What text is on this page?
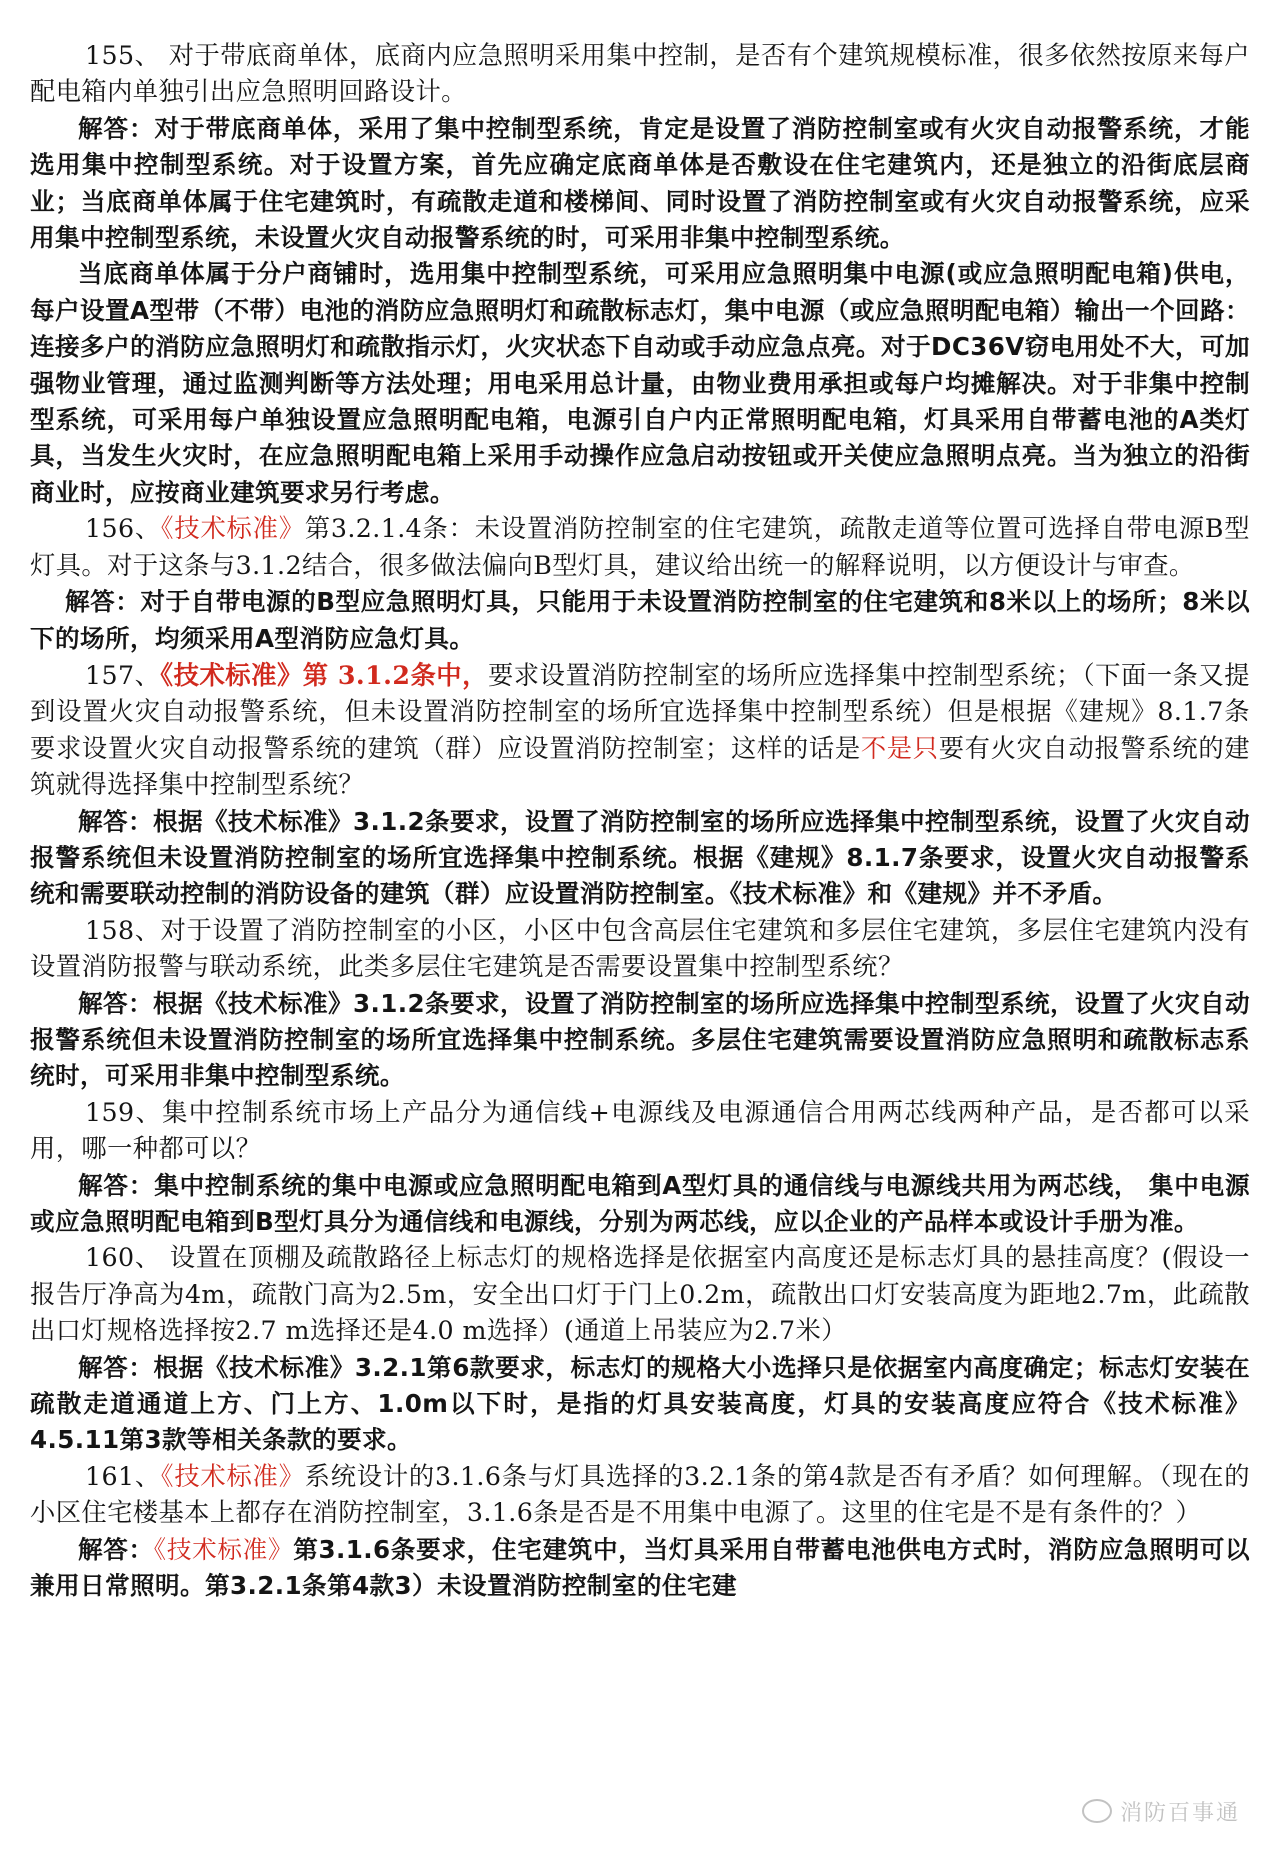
155、 对于带底商单体，底商内应急照明采用集中控制，是否有个建筑规模标准，很多依然按原来每户配电箱内单独引出应急照明回路设计。

解答：对于带底商单体，采用了集中控制型系统，肯定是设置了消防控制室或有火灾自动报警系统，才能选用集中控制型系统。对于设置方案，首先应确定底商单体是否敷设在住宅建筑内，还是独立的沿街底层商业；当底商单体属于住宅建筑时，有疏散走道和楼梯间、同时设置了消防控制室或有火灾自动报警系统，应采用集中控制型系统，未设置火灾自动报警系统的时，可采用非集中控制型系统。

当底商单体属于分户商铺时，选用集中控制型系统，可采用应急照明集中电源(或应急照明配电箱)供电，每户设置A型带（不带）电池的消防应急照明灯和疏散标志灯，集中电源（或应急照明配电箱）输出一个回路：连接多户的消防应急照明灯和疏散指示灯，火灾状态下自动或手动应急点亮。对于DC36V窃电用处不大，可加强物业管理，通过监测判断等方法处理；用电采用总计量，由物业费用承担或每户均摊解决。对于非集中控制型系统，可采用每户单独设置应急照明配电箱，电源引自户内正常照明配电箱，灯具采用自带蓄电池的A类灯具，当发生火灾时，在应急照明配电箱上采用手动操作应急启动按钮或开关使应急照明点亮。当为独立的沿街商业时，应按商业建筑要求另行考虑。

156、《技术标准》第3.2.1.4条：未设置消防控制室的住宅建筑，疏散走道等位置可选择自带电源B型灯具。对于这条与3.1.2结合，很多做法偏向B型灯具，建议给出统一的解释说明，以方便设计与审查。

解答：对于自带电源的B型应急照明灯具，只能用于未设置消防控制室的住宅建筑和8米以上的场所；8米以下的场所，均须采用A型消防应急灯具。

157、《技术标准》第 3.1.2条中，要求设置消防控制室的场所应选择集中控制型系统；（下面一条又提到设置火灾自动报警系统，但未设置消防控制室的场所宜选择集中控制型系统）但是根据《建规》8.1.7条要求设置火灾自动报警系统的建筑（群）应设置消防控制室；这样的话是不是只要有火灾自动报警系统的建筑就得选择集中控制型系统？

解答：根据《技术标准》3.1.2条要求，设置了消防控制室的场所应选择集中控制型系统，设置了火灾自动报警系统但未设置消防控制室的场所宜选择集中控制系统。根据《建规》8.1.7条要求，设置火灾自动报警系统和需要联动控制的消防设备的建筑（群）应设置消防控制室。《技术标准》和《建规》并不矛盾。

158、对于设置了消防控制室的小区，小区中包含高层住宅建筑和多层住宅建筑，多层住宅建筑内没有设置消防报警与联动系统，此类多层住宅建筑是否需要设置集中控制型系统？

解答：根据《技术标准》3.1.2条要求，设置了消防控制室的场所应选择集中控制型系统，设置了火灾自动报警系统但未设置消防控制室的场所宜选择集中控制系统。多层住宅建筑需要设置消防应急照明和疏散标志系统时，可采用非集中控制型系统。

159、集中控制系统市场上产品分为通信线+电源线及电源通信合用两芯线两种产品，是否都可以采用，哪一种都可以？

解答：集中控制系统的集中电源或应急照明配电箱到A型灯具的通信线与电源线共用为两芯线， 集中电源或应急照明配电箱到B型灯具分为通信线和电源线，分别为两芯线，应以企业的产品样本或设计手册为准。

160、 设置在顶棚及疏散路径上标志灯的规格选择是依据室内高度还是标志灯具的悬挂高度？(假设一报告厅净高为4m，疏散门高为2.5m，安全出口灯于门上0.2m，疏散出口灯安装高度为距地2.7m，此疏散出口灯规格选择按2.7 m选择还是4.0 m选择）(通道上吊装应为2.7米）

解答：根据《技术标准》3.2.1第6款要求，标志灯的规格大小选择只是依据室内高度确定；标志灯安装在疏散走道通道上方、门上方、1.0m以下时，是指的灯具安装高度，灯具的安装高度应符合《技术标准》4.5.11第3款等相关条款的要求。

161、《技术标准》系统设计的3.1.6条与灯具选择的3.2.1条的第4款是否有矛盾？如何理解。（现在的小区住宅楼基本上都存在消防控制室，3.1.6条是否是不用集中电源了。这里的住宅是不是有条件的？）

解答：《技术标准》第3.1.6条要求，住宅建筑中，当灯具采用自带蓄电池供电方式时，消防应急照明可以兼用日常照明。第3.2.1条第4款3）未设置消防控制室的住宅建

消防百事通
